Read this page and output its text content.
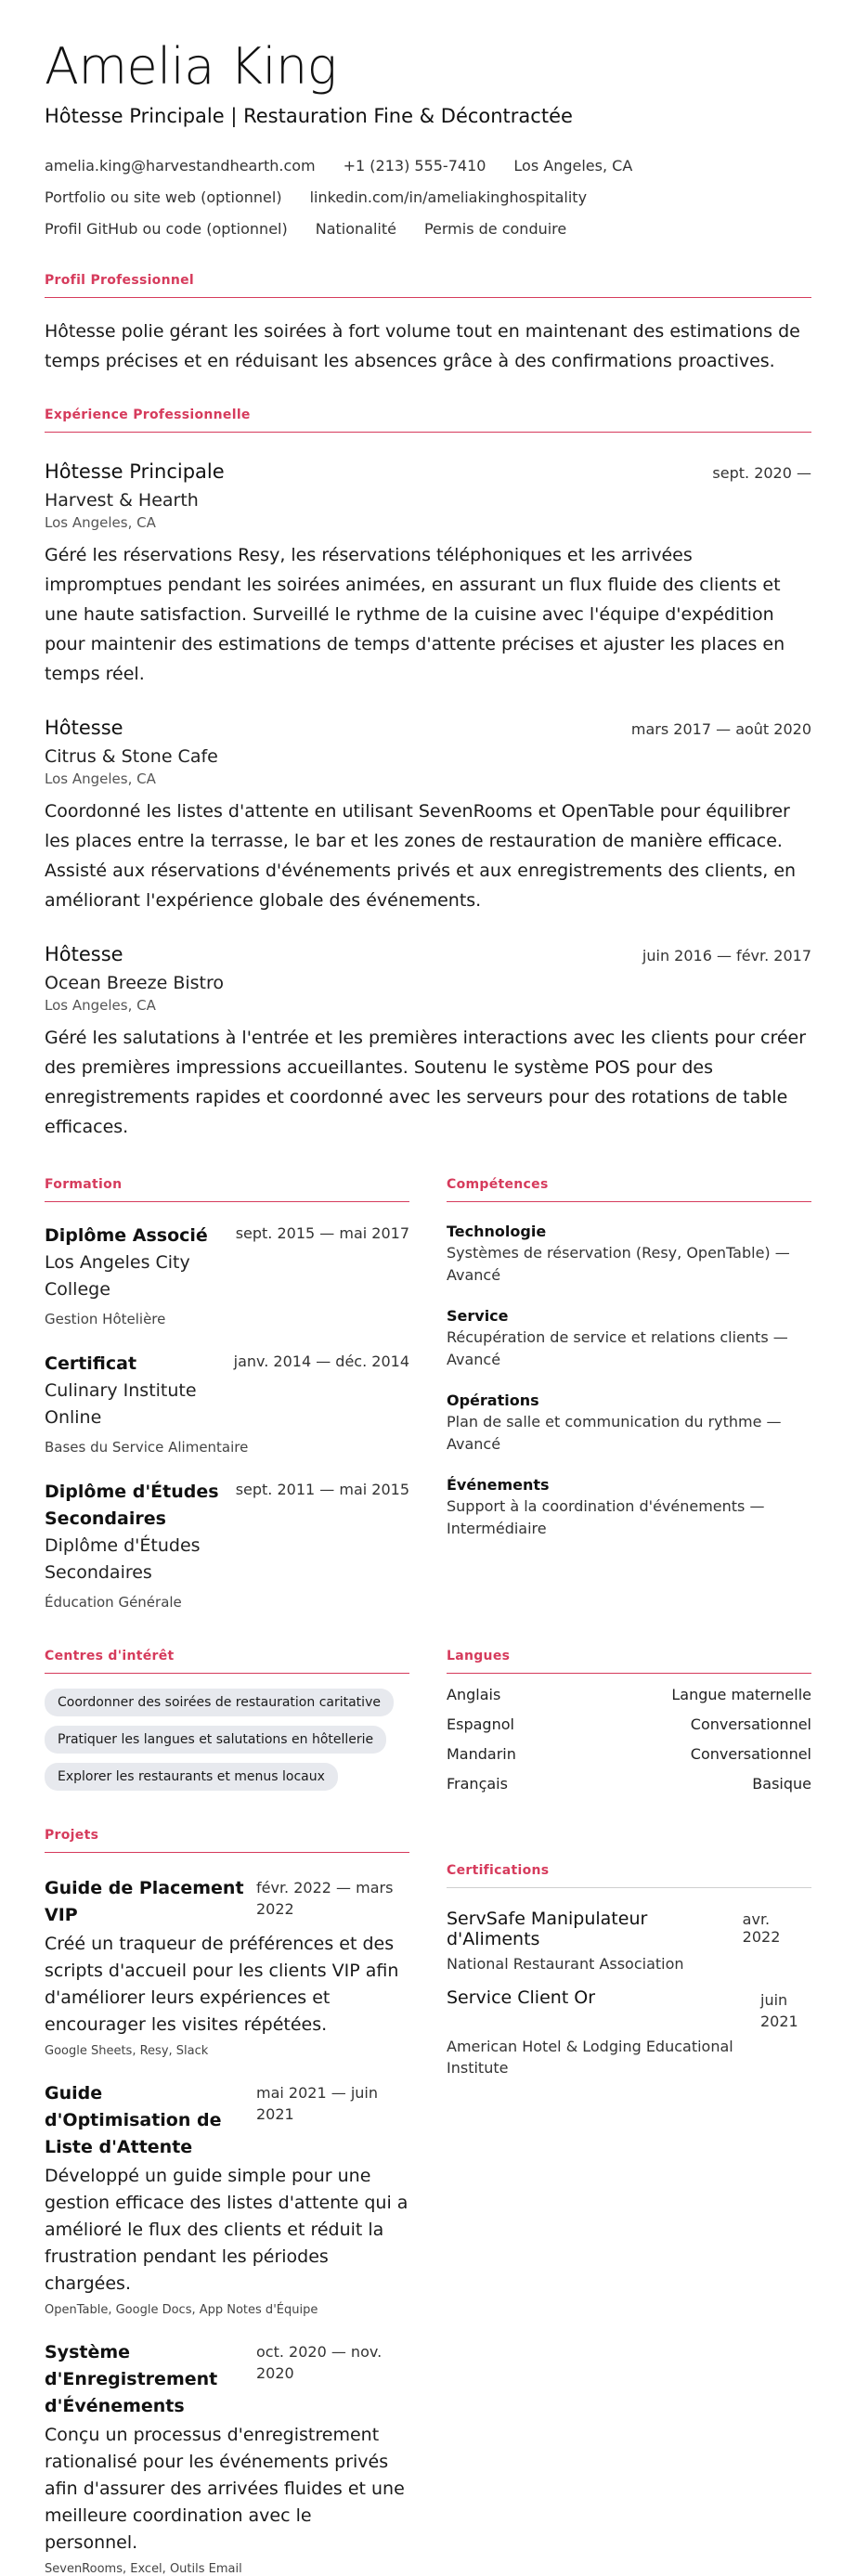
Amelia King
Hôtesse Principale | Restauration Fine & Décontractée
amelia.king@harvestandhearth.com +1 (213) 555-7410 Los Angeles, CA
Portfolio ou site web (optionnel) linkedin.com/in/ameliakinghospitality
Profil GitHub ou code (optionnel) Nationalité Permis de conduire
Profil Professionnel

Hôtesse polie gérant les soirées à fort volume tout en maintenant des estimations de temps précises et en réduisant les absences grâce à des confirmations proactives.

Expérience Professionnelle
Hôtesse Principale	sept. 2020 —
Harvest & Hearth
Los Angeles, CA

Géré les réservations Resy, les réservations téléphoniques et les arrivées impromptues pendant les soirées animées, en assurant un flux fluide des clients et une haute satisfaction. Surveillé le rythme de la cuisine avec l'équipe d'expédition pour maintenir des estimations de temps d'attente précises et ajuster les places en temps réel.

Hôtesse	mars 2017 — août 2020
Citrus & Stone Cafe
Los Angeles, CA

Coordonné les listes d'attente en utilisant SevenRooms et OpenTable pour équilibrer les places entre la terrasse, le bar et les zones de restauration de manière efficace. Assisté aux réservations d'événements privés et aux enregistrements des clients, en améliorant l'expérience globale des événements.

Hôtesse	juin 2016 — févr. 2017
Ocean Breeze Bistro
Los Angeles, CA

Géré les salutations à l'entrée et les premières interactions avec les clients pour créer des premières impressions accueillantes. Soutenu le système POS pour des enregistrements rapides et coordonné avec les serveurs pour des rotations de table efficaces.

Formation
Diplôme Associé	sept. 2015 — mai 2017
Los Angeles City College
Gestion Hôtelière
Certificat	janv. 2014 — déc. 2014
Culinary Institute Online
Bases du Service Alimentaire
Diplôme d'Études Secondaires
sept. 2011 — mai 2015
Diplôme d'Études Secondaires
Éducation Générale
Compétences
Technologie
Systèmes de réservation (Resy, OpenTable) — Avancé
Service
Récupération de service et relations clients — Avancé
Opérations
Plan de salle et communication du rythme — Avancé
Événements
Support à la coordination d'événements — Intermédiaire
Centres d'intérêt
Coordonner des soirées de restauration caritative
Pratiquer les langues et salutations en hôtellerie
Explorer les restaurants et menus locaux
Langues
Anglais	Langue maternelle
Espagnol	Conversationnel
Mandarin	Conversationnel
Français	Basique
Projets
Guide de Placement VIP
févr. 2022 — mars 2022

Créé un traqueur de préférences et des scripts d'accueil pour les clients VIP afin d'améliorer leurs expériences et encourager les visites répétées.

Google Sheets, Resy, Slack
Guide d'Optimisation de Liste d'Attente
mai 2021 — juin 2021

Développé un guide simple pour une gestion efficace des listes d'attente qui a amélioré le flux des clients et réduit la frustration pendant les périodes chargées.

OpenTable, Google Docs, App Notes d'Équipe
Système d'Enregistrement d'Événements
oct. 2020 — nov. 2020

Conçu un processus d'enregistrement rationalisé pour les événements privés afin d'assurer des arrivées fluides et une meilleure coordination avec le personnel.

SevenRooms, Excel, Outils Email
Certifications
ServSafe Manipulateur d'Aliments
avr. 2022
National Restaurant Association
Service Client Or	juin 2021
American Hotel & Lodging Educational Institute
